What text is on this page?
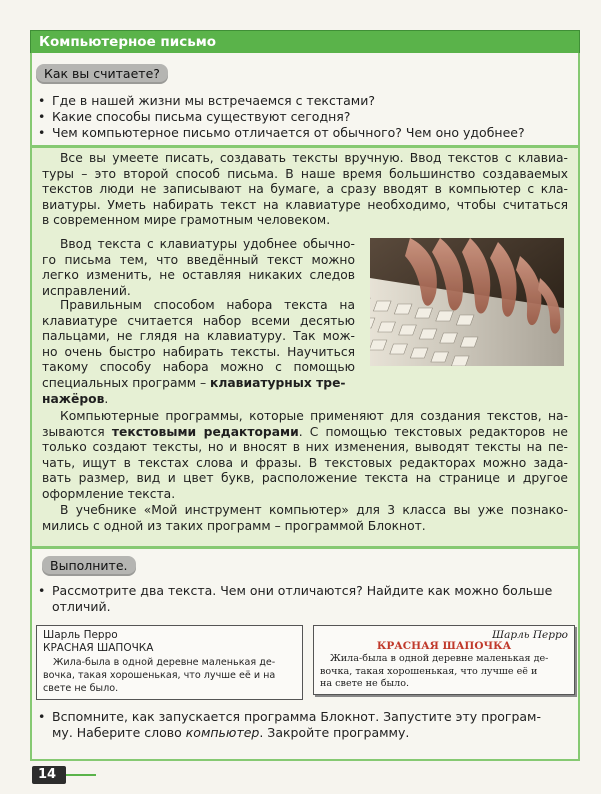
Компьютерное письмо
Как вы считаете?
• Где в нашей жизни мы встречаемся с текстами?
• Какие способы письма существуют сегодня?
• Чем компьютерное письмо отличается от обычного? Чем оно удобнее?
Все вы умеете писать, создавать тексты вручную. Ввод текстов с клавиа-
туры – это второй способ письма. В наше время большинство создаваемых
текстов люди не записывают на бумаге, а сразу вводят в компьютер с кла-
виатуры. Уметь набирать текст на клавиатуре необходимо, чтобы считаться
в современном мире грамотным человеком.
Ввод текста с клавиатуры удобнее обычно-
го письма тем, что введённый текст можно
легко изменить, не оставляя никаких следов
исправлений.
Правильным способом набора текста на
клавиатуре считается набор всеми десятью
пальцами, не глядя на клавиатуру. Так мож-
но очень быстро набирать тексты. Научиться
такому способу набора можно с помощью
специальных программ – клавиатурных тре-
нажёров.
Компьютерные программы, которые применяют для создания текстов, на-
зываются текстовыми редакторами. С помощью текстовых редакторов не
только создают тексты, но и вносят в них изменения, выводят тексты на пе-
чать, ищут в текстах слова и фразы. В текстовых редакторах можно зада-
вать размер, вид и цвет букв, расположение текста на странице и другое
оформление текста.
В учебнике «Мой инструмент компьютер» для 3 класса вы уже познако-
мились с одной из таких программ – программой Блокнот.
Выполните.
• Рассмотрите два текста. Чем они отличаются? Найдите как можно больше
отличий.
Шарль Перро
КРАСНАЯ ШАПОЧКА
Жила-была в одной деревне маленькая де-
вочка, такая хорошенькая, что лучше её и на
свете не было.
Шарль Перро
КРАСНАЯ ШАПОЧКА
Жила-была в одной деревне маленькая де-
вочка, такая хорошенькая, что лучше её и
на свете не было.
• Вспомните, как запускается программа Блокнот. Запустите эту програм-
му. Наберите слово компьютер. Закройте программу.
14
